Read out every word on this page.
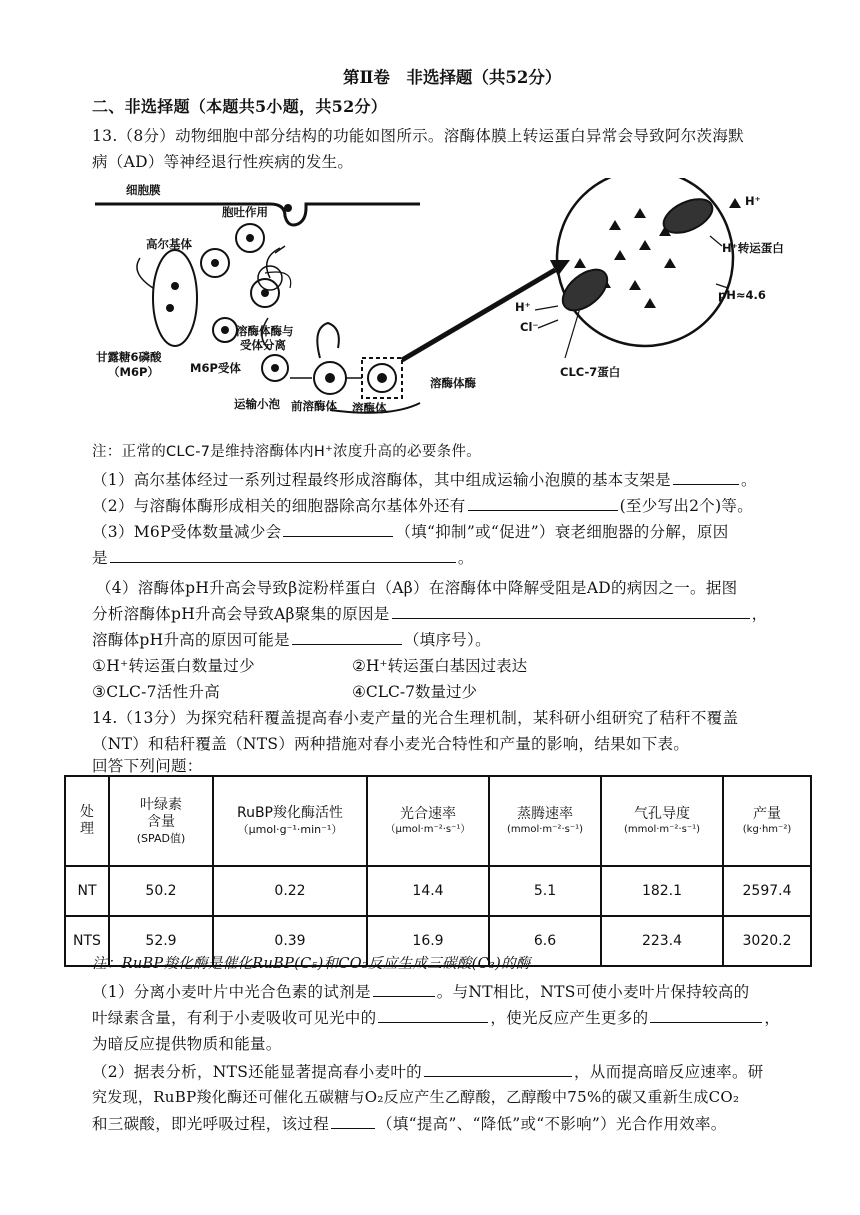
第Ⅱ卷　非选择题（共52分）
二、非选择题（本题共5小题，共52分）
13.（8分）动物细胞中部分结构的功能如图所示。溶酶体膜上转运蛋白异常会导致阿尔茨海默
病（AD）等神经退行性疾病的发生。
细胞膜
胞吐作用
高尔基体
甘露糖6磷酸
（M6P）	M6P受体
溶酶体酶与
受体分离
运输小泡 前溶酶体 溶酶体
溶酶体酶
H⁺
H⁺转运蛋白
pH≈4.6
H⁺
Cl⁻
CLC-7蛋白
注：正常的CLC-7是维持溶酶体内H⁺浓度升高的必要条件。
（1）高尔基体经过一系列过程最终形成溶酶体，其中组成运输小泡膜的基本支架是	。
（2）与溶酶体酶形成相关的细胞器除高尔基体外还有	(至少写出2个)等。
（3）M6P受体数量减少会	（填“抑制”或“促进”）衰老细胞器的分解，原因
是	。
（4）溶酶体pH升高会导致β淀粉样蛋白（Aβ）在溶酶体中降解受阻是AD的病因之一。据图
分析溶酶体pH升高会导致Aβ聚集的原因是	，
溶酶体pH升高的原因可能是	（填序号）。
①H⁺转运蛋白数量过少	②H⁺转运蛋白基因过表达
③CLC-7活性升高	④CLC-7数量过少
14.（13分）为探究秸秆覆盖提高春小麦产量的光合生理机制，某科研小组研究了秸秆不覆盖
（NT）和秸秆覆盖（NTS）两种措施对春小麦光合特性和产量的影响，结果如下表。
回答下列问题：
处
理	叶绿素
含量
(SPAD值)	RuBP羧化酶活性
（μmol·g⁻¹·min⁻¹）	光合速率
（μmol·m⁻²·s⁻¹）	蒸腾速率
(mmol·m⁻²·s⁻¹)	气孔导度
(mmol·m⁻²·s⁻¹)	产量
(kg·hm⁻²)

NT	50.2	0.22	14.4	5.1	182.1	2597.4
NTS	52.9	0.39	16.9	6.6	223.4	3020.2
注：RuBP羧化酶是催化RuBP(C₅)和CO₂反应生成三碳酸(C₃)的酶
（1）分离小麦叶片中光合色素的试剂是	。与NT相比，NTS可使小麦叶片保持较高的
叶绿素含量，有利于小麦吸收可见光中的	，使光反应产生更多的	，
为暗反应提供物质和能量。
（2）据表分析，NTS还能显著提高春小麦叶的	，从而提高暗反应速率。研
究发现，RuBP羧化酶还可催化五碳糖与O₂反应产生乙醇酸，乙醇酸中75%的碳又重新生成CO₂
和三碳酸，即光呼吸过程，该过程	（填“提高”、“降低”或“不影响”）光合作用效率。
